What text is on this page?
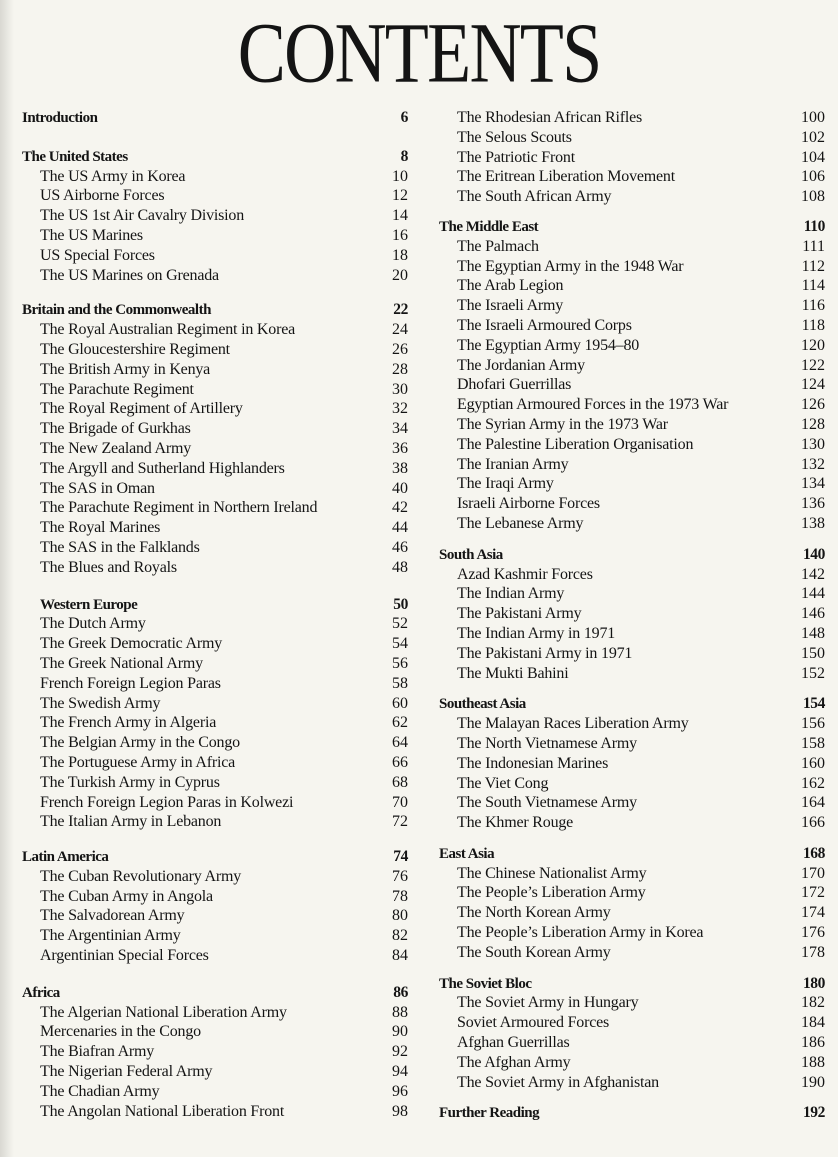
CONTENTS
Introduction	6
The United States	8
The US Army in Korea	10
US Airborne Forces	12
The US 1st Air Cavalry Division	14
The US Marines	16
US Special Forces	18
The US Marines on Grenada	20
Britain and the Commonwealth	22
The Royal Australian Regiment in Korea	24
The Gloucestershire Regiment	26
The British Army in Kenya	28
The Parachute Regiment	30
The Royal Regiment of Artillery	32
The Brigade of Gurkhas	34
The New Zealand Army	36
The Argyll and Sutherland Highlanders	38
The SAS in Oman	40
The Parachute Regiment in Northern Ireland	42
The Royal Marines	44
The SAS in the Falklands	46
The Blues and Royals	48
Western Europe	50
The Dutch Army	52
The Greek Democratic Army	54
The Greek National Army	56
French Foreign Legion Paras	58
The Swedish Army	60
The French Army in Algeria	62
The Belgian Army in the Congo	64
The Portuguese Army in Africa	66
The Turkish Army in Cyprus	68
French Foreign Legion Paras in Kolwezi	70
The Italian Army in Lebanon	72
Latin America	74
The Cuban Revolutionary Army	76
The Cuban Army in Angola	78
The Salvadorean Army	80
The Argentinian Army	82
Argentinian Special Forces	84
Africa	86
The Algerian National Liberation Army	88
Mercenaries in the Congo	90
The Biafran Army	92
The Nigerian Federal Army	94
The Chadian Army	96
The Angolan National Liberation Front	98
The Rhodesian African Rifles	100
The Selous Scouts	102
The Patriotic Front	104
The Eritrean Liberation Movement	106
The South African Army	108
The Middle East	110
The Palmach	111
The Egyptian Army in the 1948 War	112
The Arab Legion	114
The Israeli Army	116
The Israeli Armoured Corps	118
The Egyptian Army 1954–80	120
The Jordanian Army	122
Dhofari Guerrillas	124
Egyptian Armoured Forces in the 1973 War	126
The Syrian Army in the 1973 War	128
The Palestine Liberation Organisation	130
The Iranian Army	132
The Iraqi Army	134
Israeli Airborne Forces	136
The Lebanese Army	138
South Asia	140
Azad Kashmir Forces	142
The Indian Army	144
The Pakistani Army	146
The Indian Army in 1971	148
The Pakistani Army in 1971	150
The Mukti Bahini	152
Southeast Asia	154
The Malayan Races Liberation Army	156
The North Vietnamese Army	158
The Indonesian Marines	160
The Viet Cong	162
The South Vietnamese Army	164
The Khmer Rouge	166
East Asia	168
The Chinese Nationalist Army	170
The People’s Liberation Army	172
The North Korean Army	174
The People’s Liberation Army in Korea	176
The South Korean Army	178
The Soviet Bloc	180
The Soviet Army in Hungary	182
Soviet Armoured Forces	184
Afghan Guerrillas	186
The Afghan Army	188
The Soviet Army in Afghanistan	190
Further Reading	192
